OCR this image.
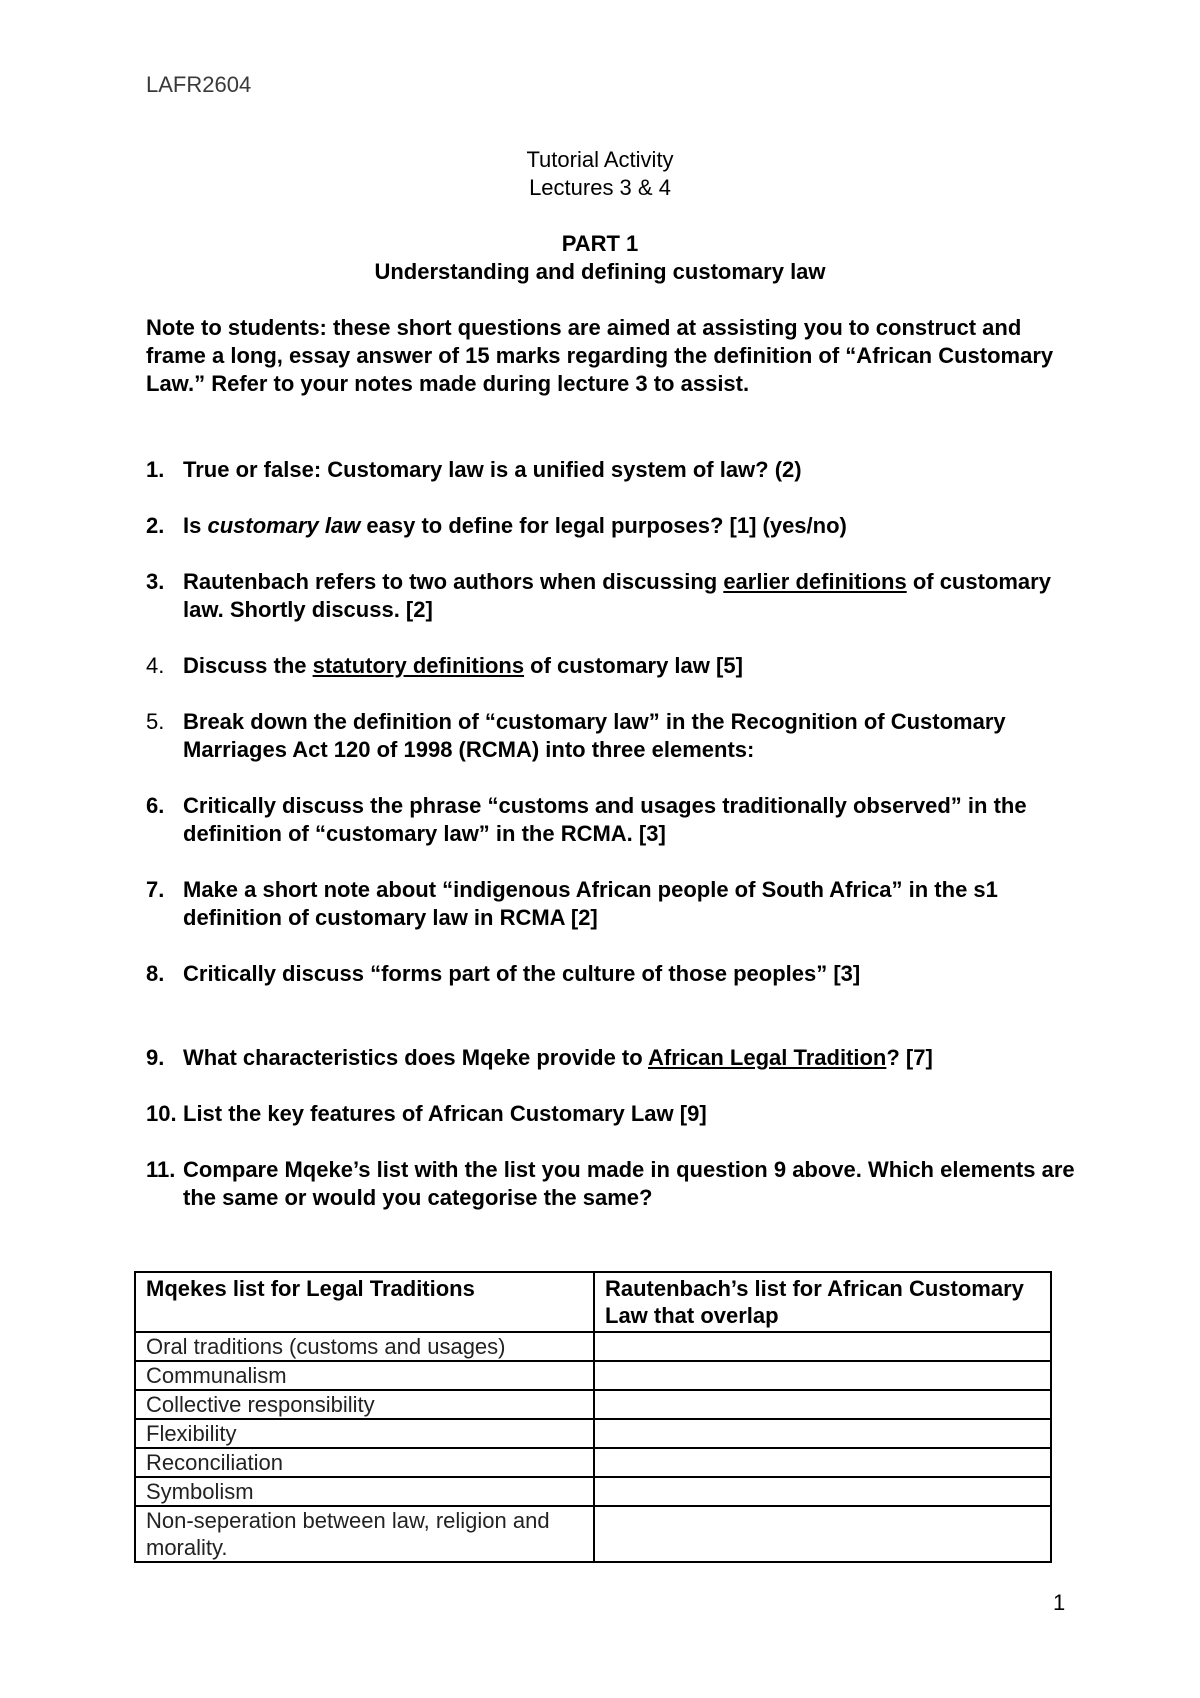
LAFR2604
Tutorial Activity
Lectures 3 & 4
PART 1
Understanding and defining customary law
Note to students: these short questions are aimed at assisting you to construct and frame a long, essay answer of 15 marks regarding the definition of “African Customary Law.” Refer to your notes made during lecture 3 to assist.
1. True or false: Customary law is a unified system of law? (2)
2. Is customary law easy to define for legal purposes? [1] (yes/no)
3. Rautenbach refers to two authors when discussing earlier definitions of customary law. Shortly discuss. [2]
4. Discuss the statutory definitions of customary law [5]
5. Break down the definition of “customary law” in the Recognition of Customary Marriages Act 120 of 1998 (RCMA) into three elements:
6. Critically discuss the phrase “customs and usages traditionally observed” in the definition of “customary law” in the RCMA. [3]
7. Make a short note about “indigenous African people of South Africa” in the s1 definition of customary law in RCMA [2]
8. Critically discuss “forms part of the culture of those peoples” [3]
9. What characteristics does Mqeke provide to African Legal Tradition? [7]
10. List the key features of African Customary Law [9]
11. Compare Mqeke’s list with the list you made in question 9 above. Which elements are the same or would you categorise the same?
Mqekes list for Legal Traditions	Rautenbach’s list for African Customary Law that overlap
Oral traditions (customs and usages)	
Communalism	
Collective responsibility	
Flexibility	
Reconciliation	
Symbolism	
Non-seperation between law, religion and morality.	
1
